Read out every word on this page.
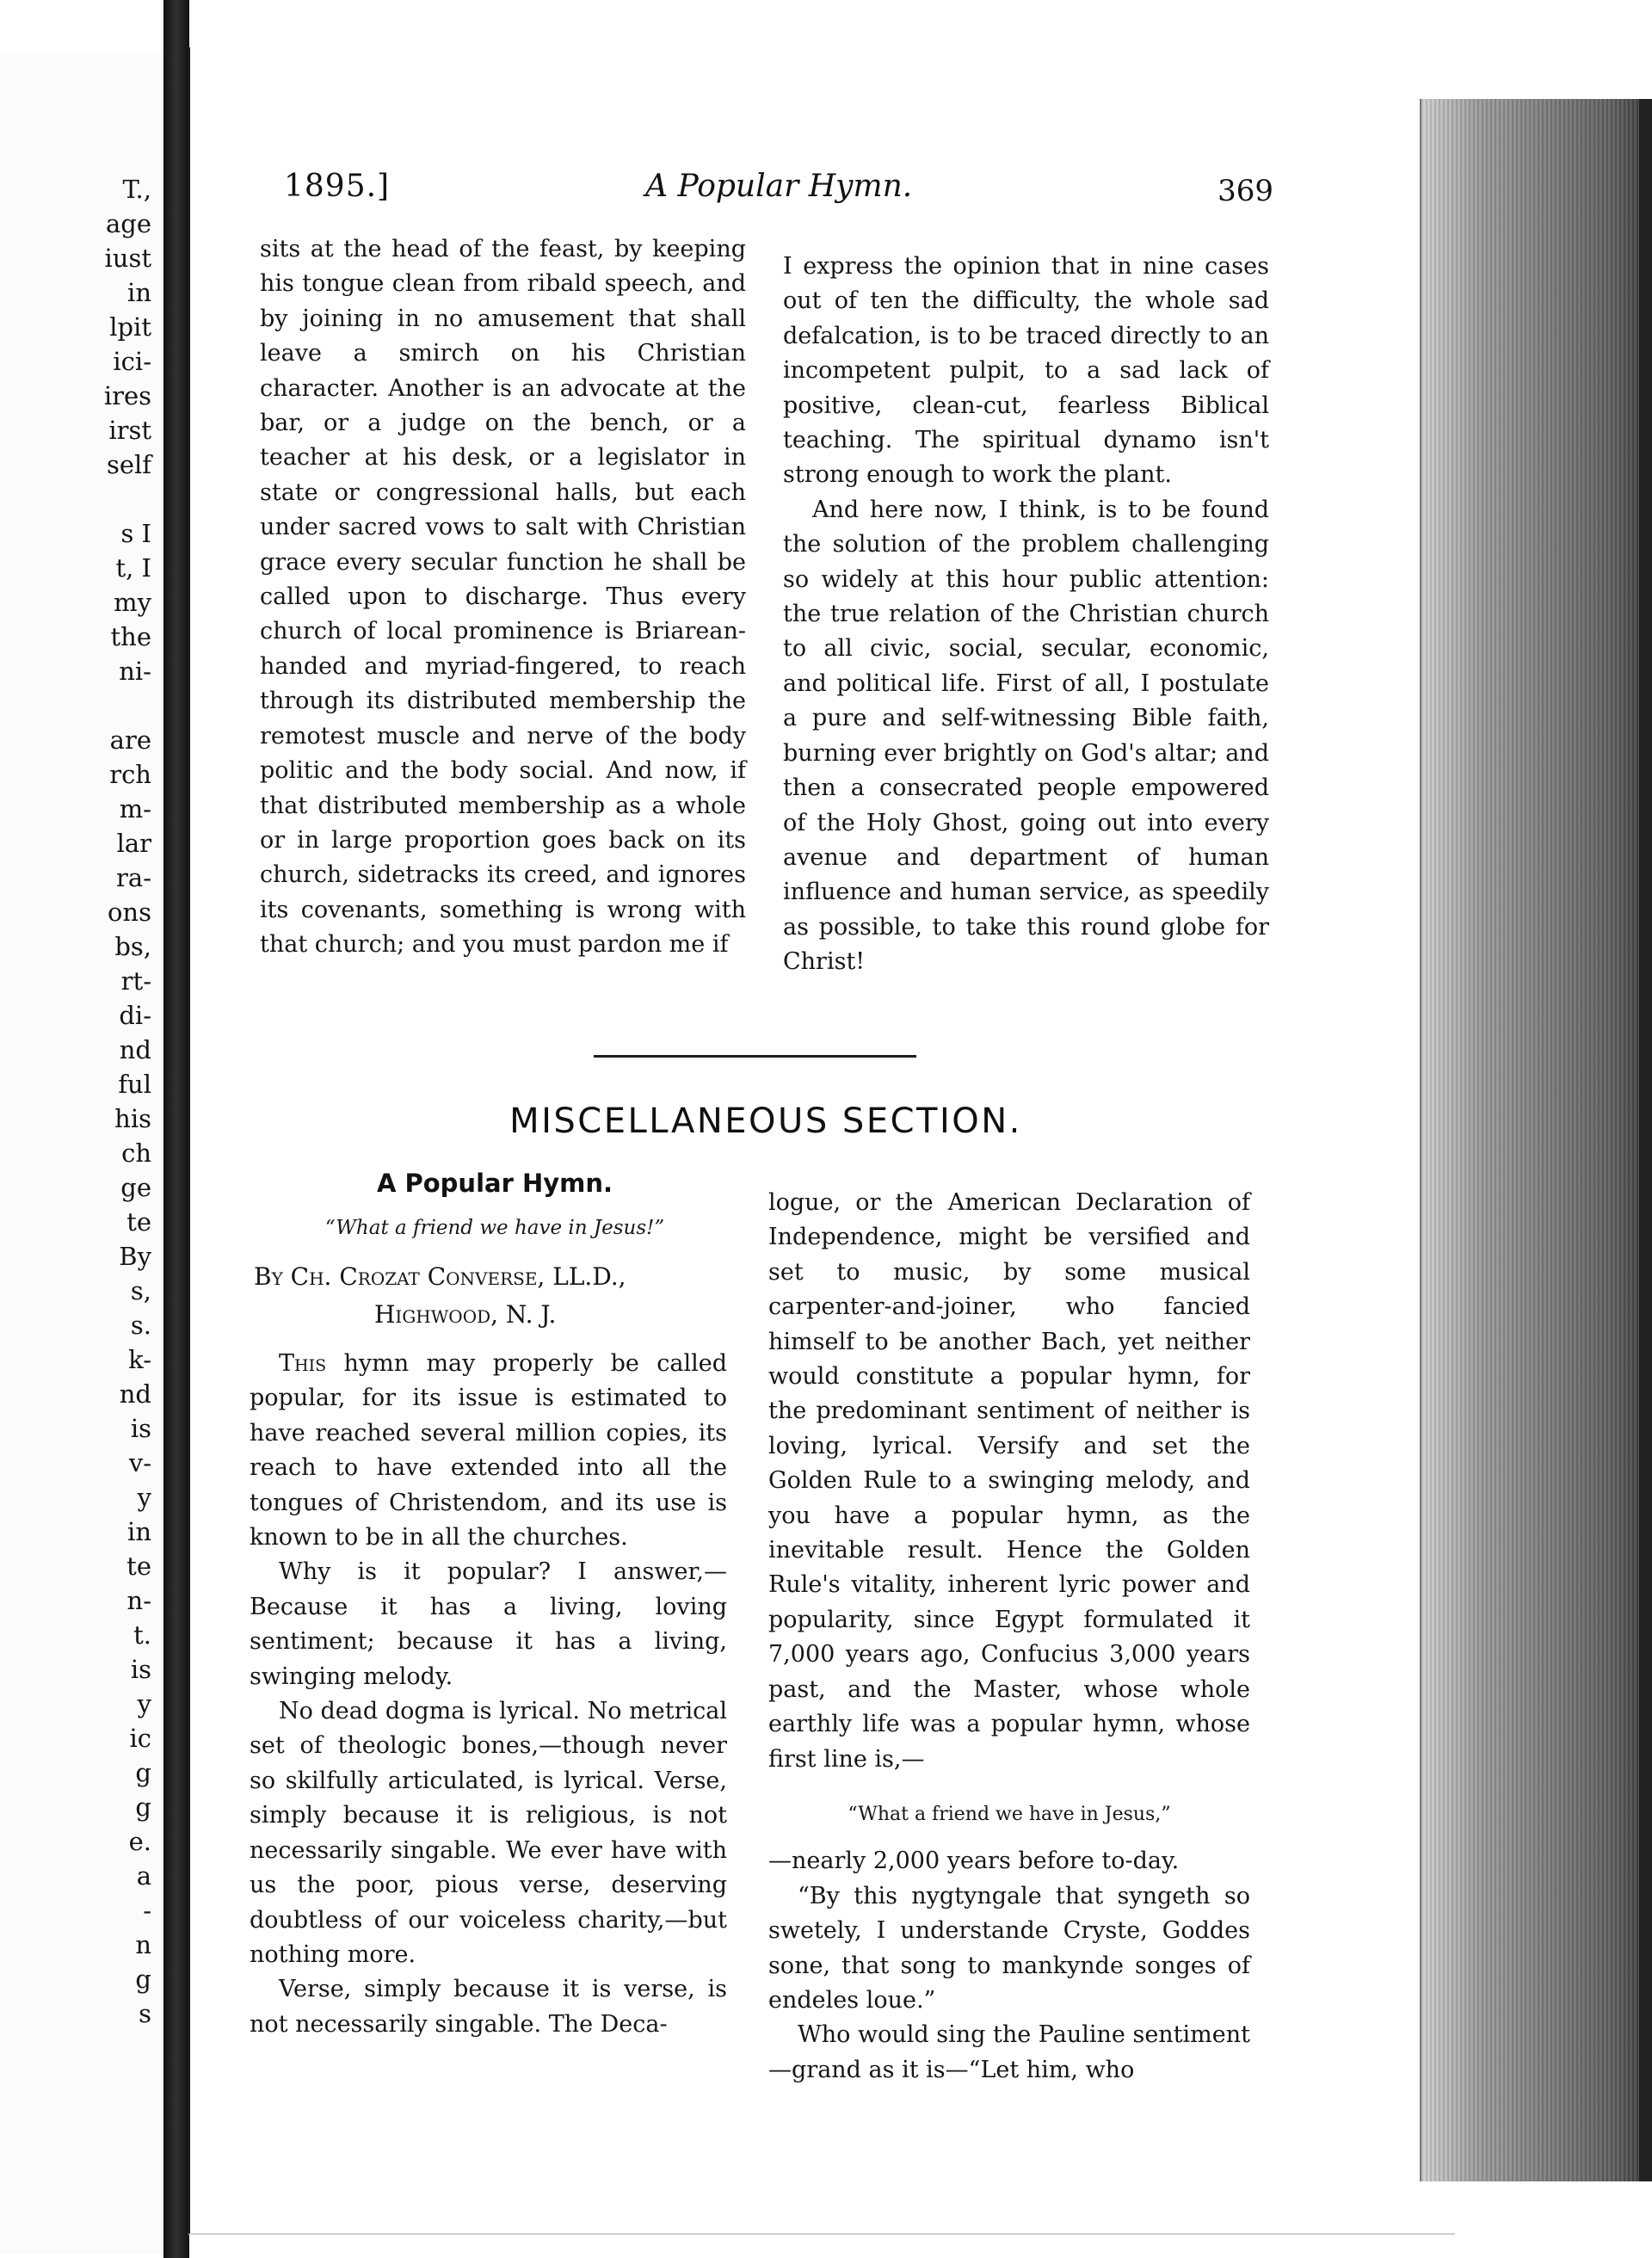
T.,
age
iust
in
lpit
ici-
ires
irst
self

s I
t, I
my
the
ni-

are
rch
m-
lar
ra-
ons
bs,
rt-
di-
nd
ful
his
ch
ge
te
By
s,
s.
k-
nd
is
v-
y
in
te
n-
t.
is
y
ic
g
g
e.
a
-
n
g
s
1895.]	A Popular Hymn.	369

sits at the head of the feast, by keeping his tongue clean from ribald speech, and by joining in no amusement that shall leave a smirch on his Christian character. Another is an advocate at the bar, or a judge on the bench, or a teacher at his desk, or a legislator in state or congressional halls, but each under sacred vows to salt with Christian grace every secular function he shall be called upon to discharge. Thus every church of local prominence is Briarean-handed and myriad-fingered, to reach through its distributed membership the remotest muscle and nerve of the body politic and the body social. And now, if that distributed membership as a whole or in large proportion goes back on its church, sidetracks its creed, and ignores its covenants, something is wrong with that church; and you must pardon me if

I express the opinion that in nine cases out of ten the difficulty, the whole sad defalcation, is to be traced directly to an incompetent pulpit, to a sad lack of positive, clean-cut, fearless Biblical teaching. The spiritual dynamo isn't strong enough to work the plant.

And here now, I think, is to be found the solution of the problem challenging so widely at this hour public attention: the true relation of the Christian church to all civic, social, secular, economic, and political life. First of all, I postulate a pure and self-witnessing Bible faith, burning ever brightly on God's altar; and then a consecrated people empowered of the Holy Ghost, going out into every avenue and department of human influence and human service, as speedily as possible, to take this round globe for Christ!

MISCELLANEOUS SECTION.
A Popular Hymn.
“What a friend we have in Jesus!”
By Ch. Crozat Converse, LL.D.,
Highwood, N. J.

This hymn may properly be called popular, for its issue is estimated to have reached several million copies, its reach to have extended into all the tongues of Christendom, and its use is known to be in all the churches.

Why is it popular? I answer,—Because it has a living, loving sentiment; because it has a living, swinging melody.

No dead dogma is lyrical. No metrical set of theologic bones,—though never so skilfully articulated, is lyrical. Verse, simply because it is religious, is not necessarily singable. We ever have with us the poor, pious verse, deserving doubtless of our voiceless charity,—but nothing more.

Verse, simply because it is verse, is not necessarily singable. The Deca-

logue, or the American Declaration of Independence, might be versified and set to music, by some musical carpenter-and-joiner, who fancied himself to be another Bach, yet neither would constitute a popular hymn, for the predominant sentiment of neither is loving, lyrical. Versify and set the Golden Rule to a swinging melody, and you have a popular hymn, as the inevitable result. Hence the Golden Rule's vitality, inherent lyric power and popularity, since Egypt formulated it 7,000 years ago, Confucius 3,000 years past, and the Master, whose whole earthly life was a popular hymn, whose first line is,—

“What a friend we have in Jesus,”

—nearly 2,000 years before to-day.

“By this nygtyngale that syngeth so swetely, I understande Cryste, Goddes sone, that song to mankynde songes of endeles loue.”

Who would sing the Pauline sentiment—grand as it is—“Let him, who
